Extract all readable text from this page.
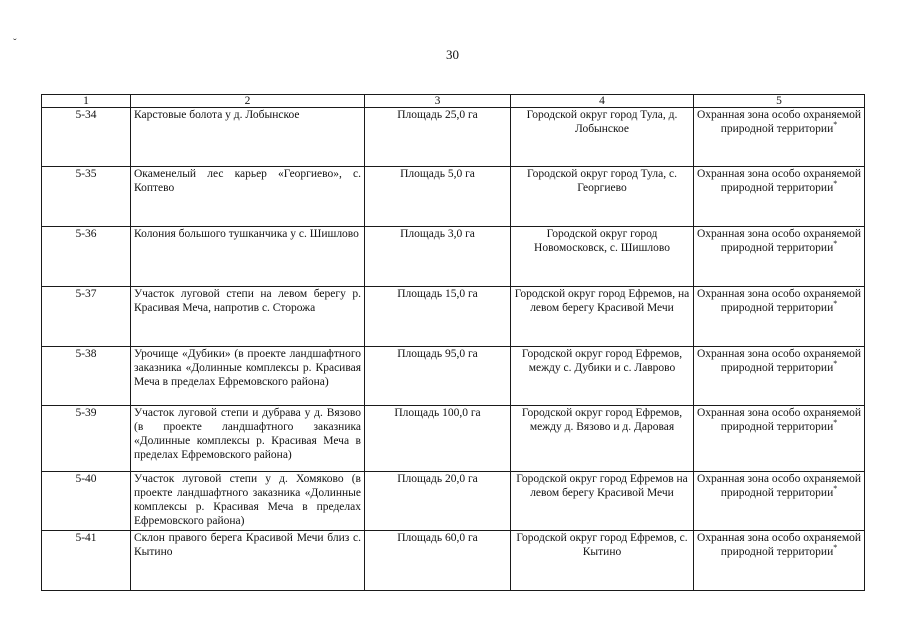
30
ˇ
1	2	3	4	5
5-34	Карстовые болота у д. Лобынское	Площадь 25,0 га	Городской округ город Тула, д. Лобынское	Охранная зона особо охраняемой природной территории*
5-35	Окаменелый лес карьер «Георгиево», с. Коптево	Площадь 5,0 га	Городской округ город Тула, с. Георгиево	Охранная зона особо охраняемой природной территории*
5-36	Колония большого тушканчика у с. Шишлово	Площадь 3,0 га	Городской округ город Новомосковск, с. Шишлово	Охранная зона особо охраняемой природной территории*
5-37	Участок луговой степи на левом берегу р. Красивая Меча, напротив с. Сторожа	Площадь 15,0 га	Городской округ город Ефремов, на левом берегу Красивой Мечи	Охранная зона особо охраняемой природной территории*
5-38	Урочище «Дубики» (в проекте ландшафтного заказника «Долинные комплексы р. Красивая Меча в пределах Ефремовского района)	Площадь 95,0 га	Городской округ город Ефремов, между с. Дубики и с. Лаврово	Охранная зона особо охраняемой природной территории*
5-39	Участок луговой степи и дубрава у д. Вязово (в проекте ландшафтного заказника «Долинные комплексы р. Красивая Меча в пределах Ефремовского района)	Площадь 100,0 га	Городской округ город Ефремов, между д. Вязово и д. Даровая	Охранная зона особо охраняемой природной территории*
5-40	Участок луговой степи у д. Хомяково (в проекте ландшафтного заказника «Долинные комплексы р. Красивая Меча в пределах Ефремовского района)	Площадь 20,0 га	Городской округ город Ефремов на левом берегу Красивой Мечи	Охранная зона особо охраняемой природной территории*
5-41	Склон правого берега Красивой Мечи близ с. Кытино	Площадь 60,0 га	Городской округ город Ефремов, с. Кытино	Охранная зона особо охраняемой природной территории*
